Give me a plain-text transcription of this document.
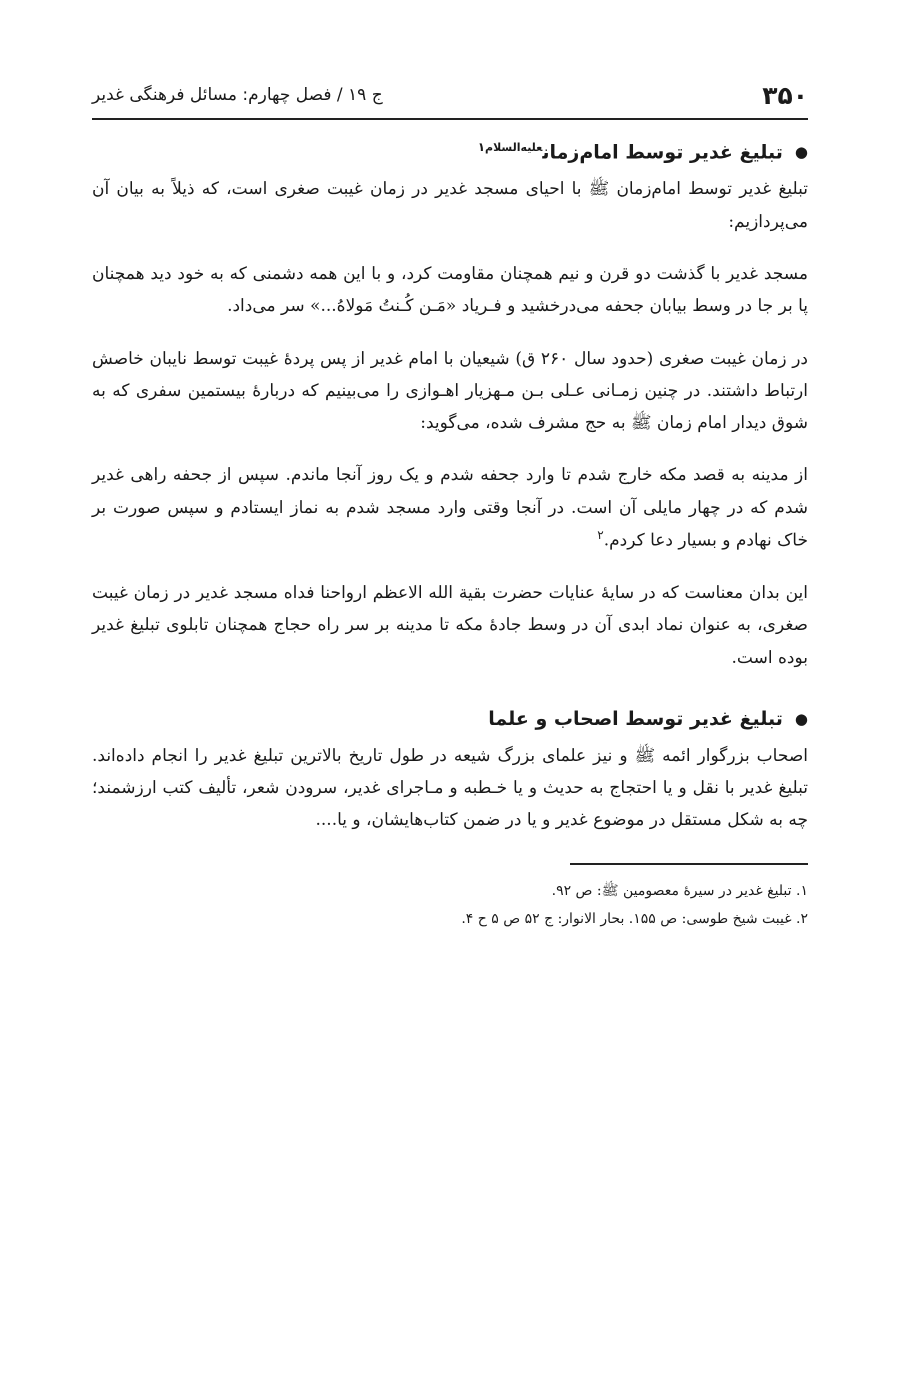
۳۵۰
ج ۱۹ / فصل چهارم: مسائل فرهنگی غدیر
●
تبلیغ غدیر توسط امام‌زمان$^{عليه‌السلام۱}$

تبلیغ غدیر توسط امام‌زمان ﷺ با احیای مسجد غدیر در زمان غیبت صغری است، که ذیلاً به بیان آن می‌پردازیم:

مسجد غدیر با گذشت دو قرن و نیم همچنان مقاومت کرد، و با این همه دشمنی که به خود دید همچنان پا بر جا در وسط بیابان جحفه می‌درخشید و فـریاد «مَـن کُـنتُ مَولاهُ...» سر می‌داد.

در زمان غیبت صغری (حدود سال ۲۶۰ ق) شیعیان با امام غدیر از پس پردهٔ غیبت توسط نایبان خاصش ارتباط داشتند. در چنین زمـانی عـلی بـن مـهزیار اهـوازی را می‌بینیم که دربارهٔ بیستمین سفری که به شوق دیدار امام زمان ﷺ به حج مشرف شده، می‌گوید:

از مدینه به قصد مکه خارج شدم تا وارد جحفه شدم و یک روز آنجا ماندم. سپس از جحفه راهی غدیر شدم که در چهار مایلی آن است. در آنجا وقتی وارد مسجد شدم به نماز ایستادم و سپس صورت بر خاک نهادم و بسیار دعا کردم.$^۲$

این بدان معناست که در سایهٔ عنایات حضرت بقیة الله الاعظم ارواحنا فداه مسجد غدیر در زمان غیبت صغری، به عنوان نماد ابدی آن در وسط جادهٔ مکه تا مدینه بر سر راه حجاج همچنان تابلوی تبلیغ غدیر بوده است.

●
تبلیغ غدیر توسط اصحاب و علما

اصحاب بزرگوار ائمه ﷺ و نیز علمای بزرگ شیعه در طول تاریخ بالاترین تبلیغ غدیر را انجام داده‌اند. تبلیغ غدیر با نقل و یا احتجاج به حدیث و یا خـطبه و مـاجرای غدیر، سرودن شعر، تألیف کتب ارزشمند؛ چه به شکل مستقل در موضوع غدیر و یا در ضمن کتاب‌هایشان، و یا....

۱. تبلیغ غدیر در سیرهٔ معصومین ﷺ: ص ۹۲.

۲. غیبت شیخ طوسی: ص ۱۵۵. بحار الانوار: ج ۵۲ ص ۵ ح ۴.
